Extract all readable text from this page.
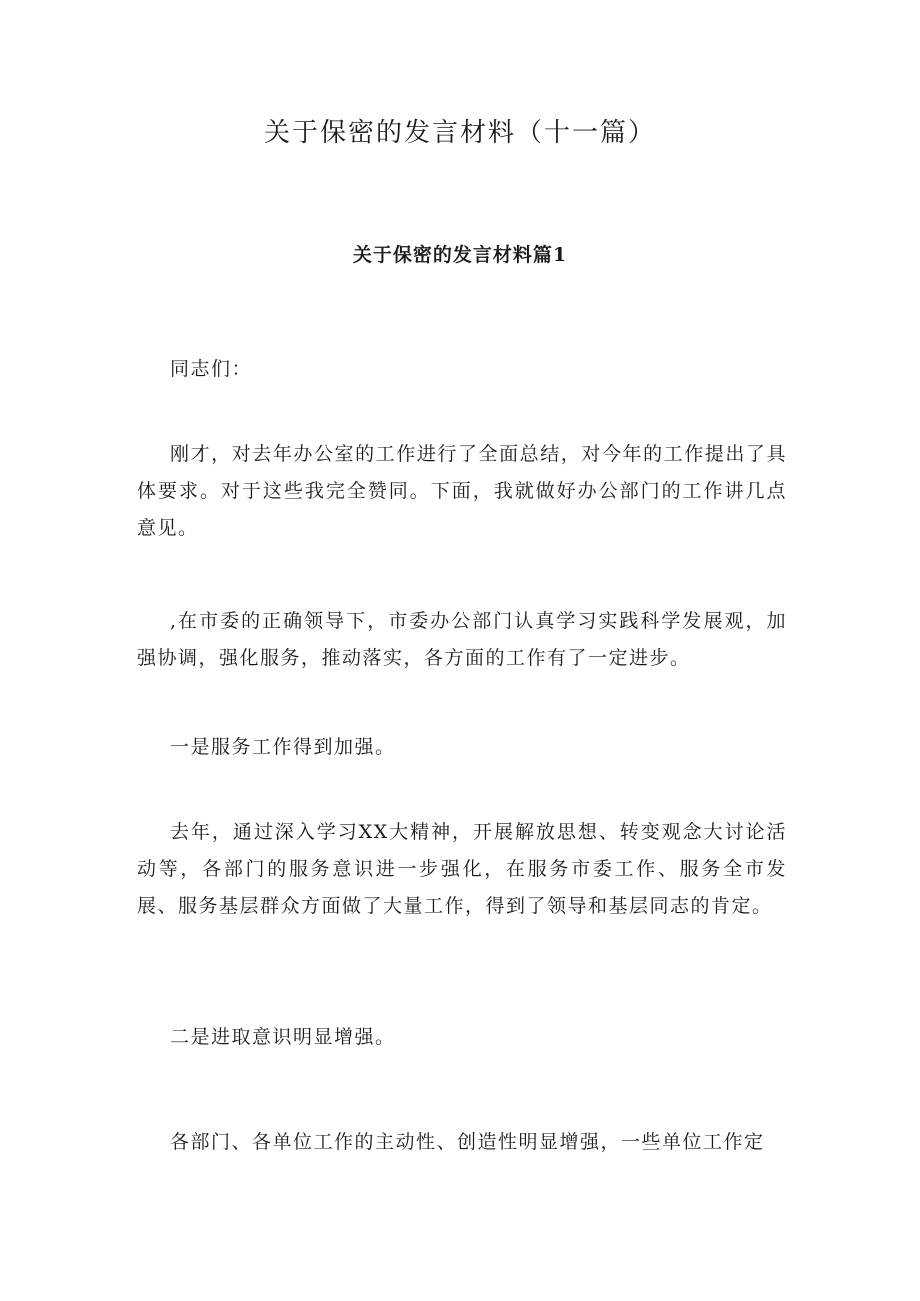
关于保密的发言材料（十一篇）
关于保密的发言材料篇1

同志们：

刚才，对去年办公室的工作进行了全面总结，对今年的工作提出了具体要求。对于这些我完全赞同。下面，我就做好办公部门的工作讲几点意见。

,在市委的正确领导下，市委办公部门认真学习实践科学发展观，加强协调，强化服务，推动落实，各方面的工作有了一定进步。

一是服务工作得到加强。

去年，通过深入学习XX大精神，开展解放思想、转变观念大讨论活动等，各部门的服务意识进一步强化，在服务市委工作、服务全市发展、服务基层群众方面做了大量工作，得到了领导和基层同志的肯定。

二是进取意识明显增强。

各部门、各单位工作的主动性、创造性明显增强，一些单位工作定
